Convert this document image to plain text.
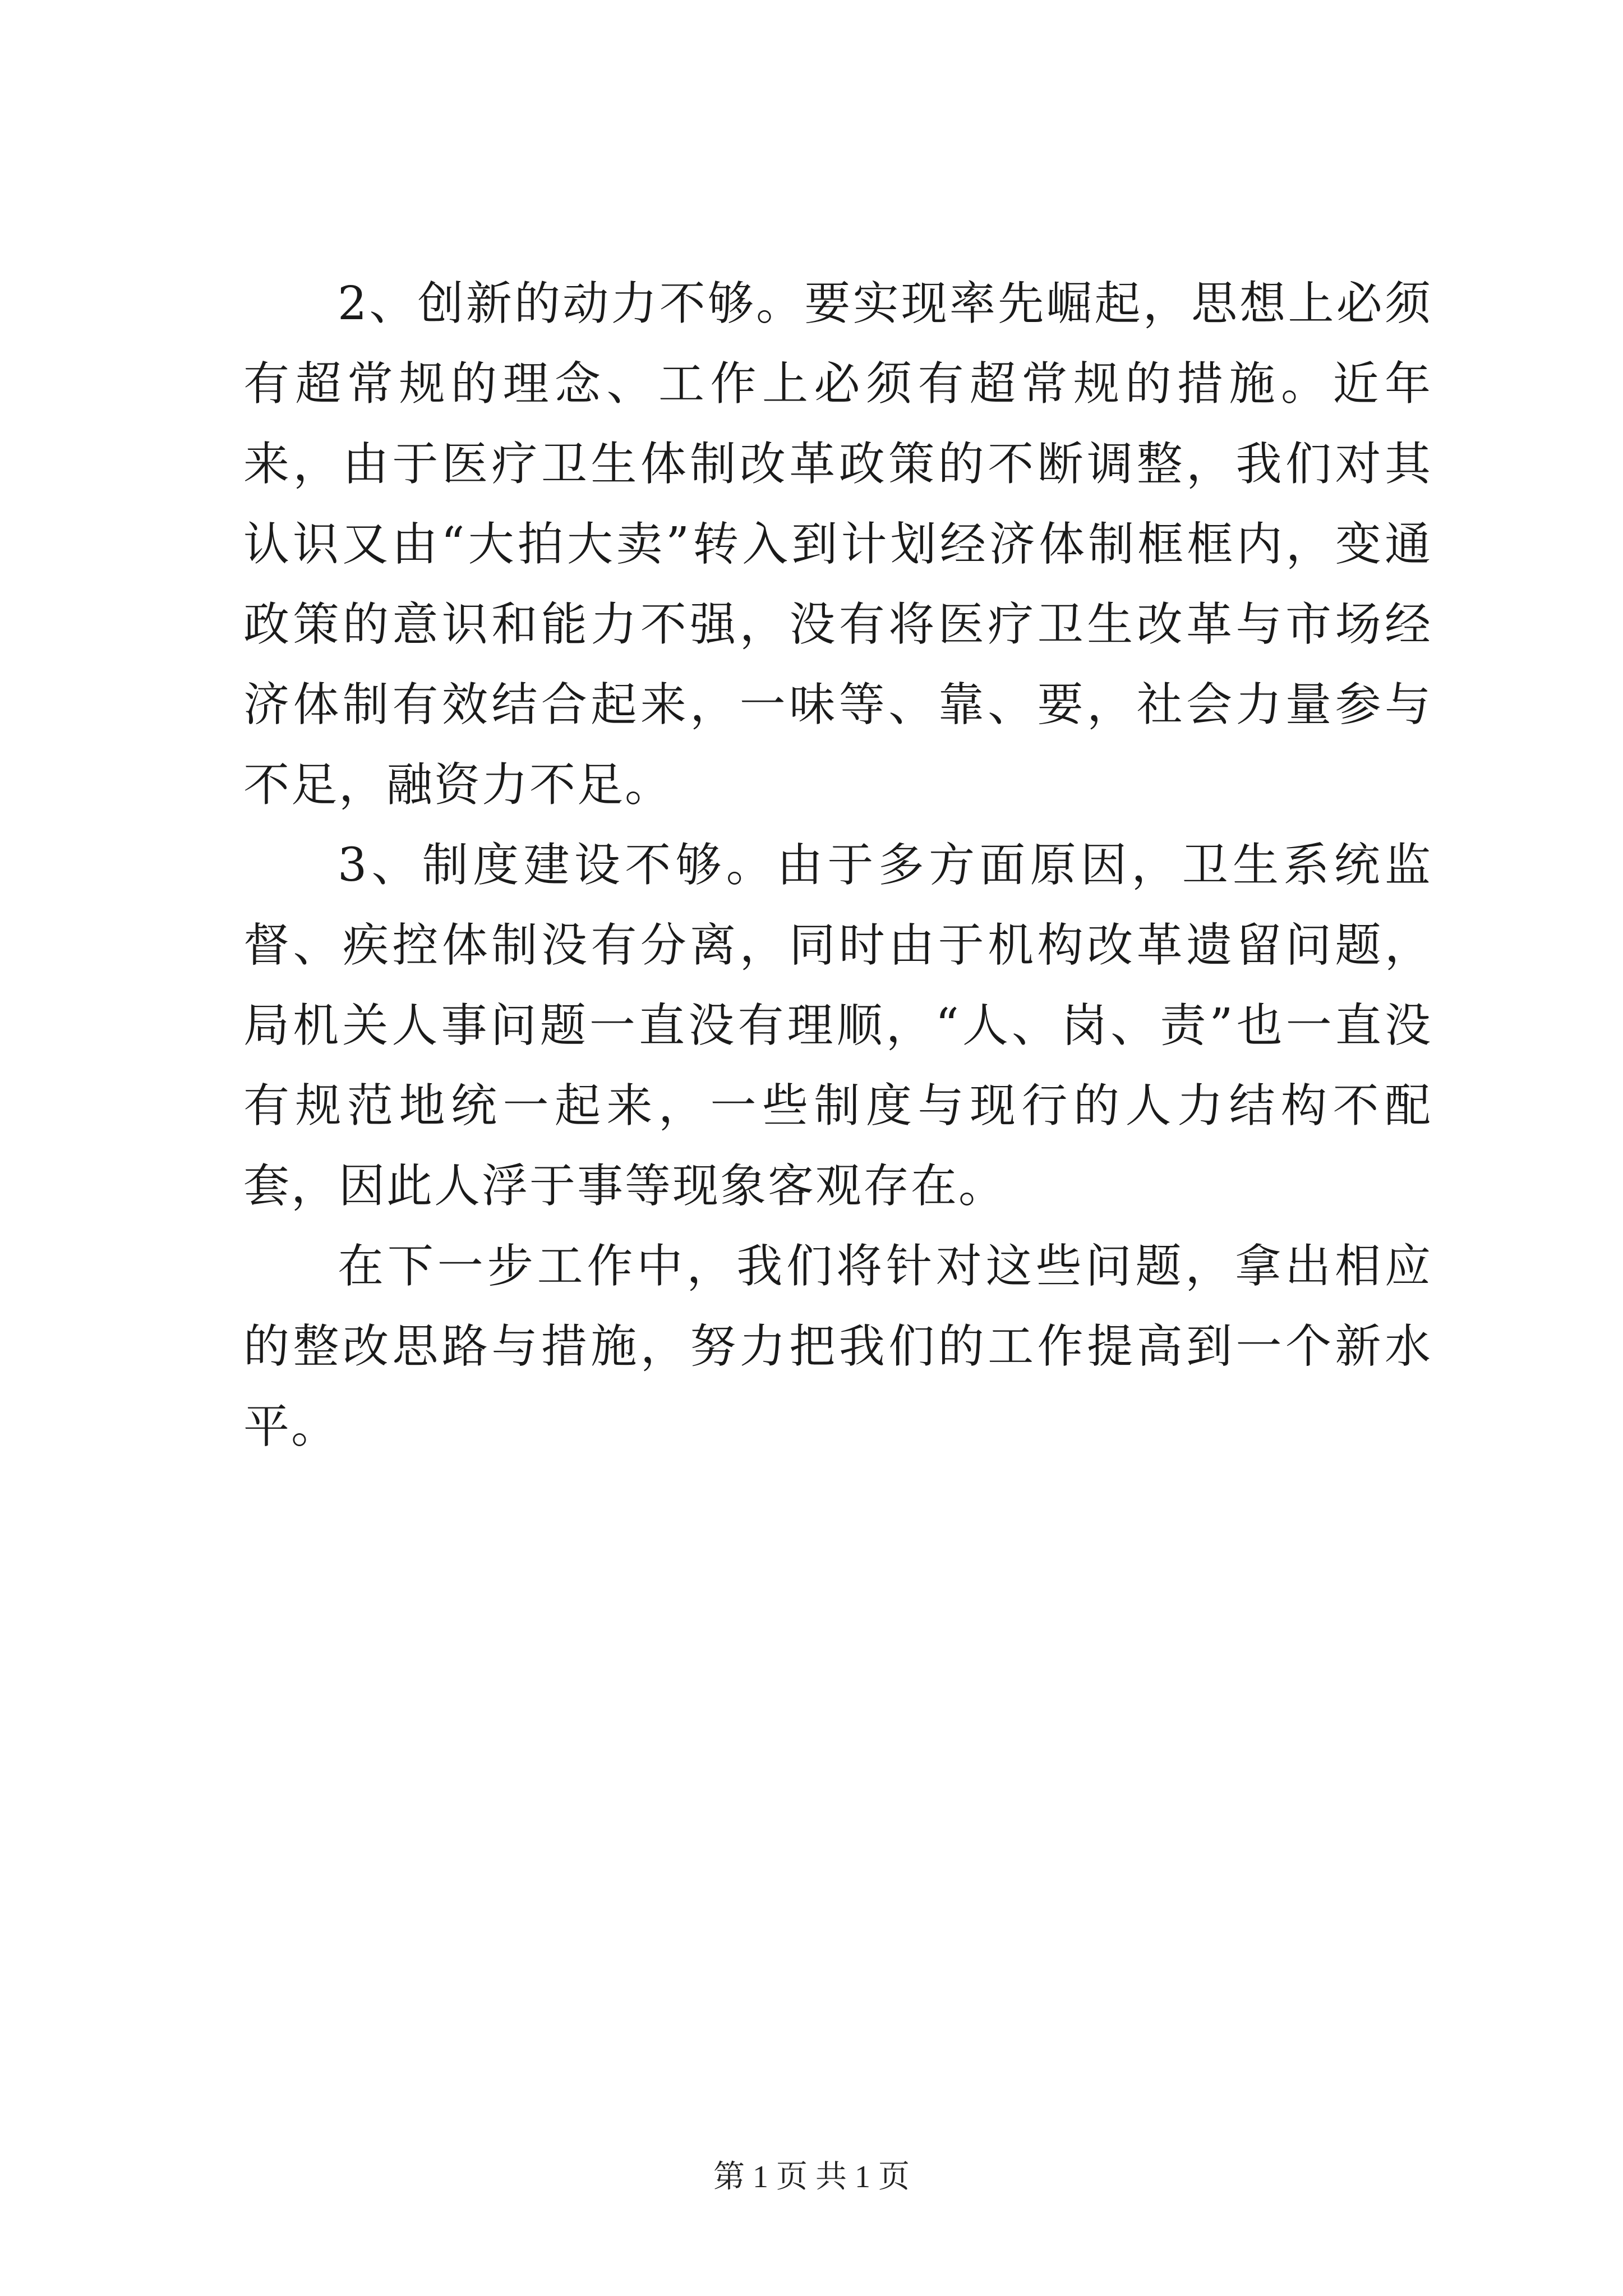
2、创新的动力不够。要实现率先崛起，思想上必须有超常规的理念、工作上必须有超常规的措施。近年来，由于医疗卫生体制改革政策的不断调整，我们对其认识又由“大拍大卖”转入到计划经济体制框框内，变通政策的意识和能力不强，没有将医疗卫生改革与市场经济体制有效结合起来，一味等、靠、要，社会力量参与不足，融资力不足。

3、制度建设不够。由于多方面原因，卫生系统监督、疾控体制没有分离，同时由于机构改革遗留问题，局机关人事问题一直没有理顺，“人、岗、责”也一直没有规范地统一起来，一些制度与现行的人力结构不配套，因此人浮于事等现象客观存在。

在下一步工作中，我们将针对这些问题，拿出相应的整改思路与措施，努力把我们的工作提高到一个新水平。

第 1 页 共 1 页
